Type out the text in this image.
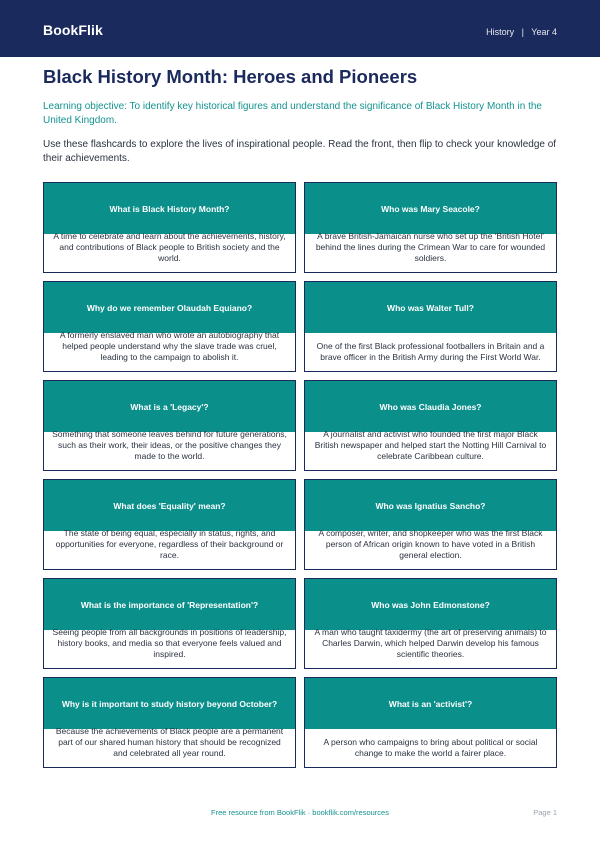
BookFlik	History | Year 4
Black History Month: Heroes and Pioneers

Learning objective: To identify key historical figures and understand the significance of Black History Month in the United Kingdom.

Use these flashcards to explore the lives of inspirational people. Read the front, then flip to check your knowledge of their achievements.

What is Black History Month?
A time to celebrate and learn about the achievements, history, and contributions of Black people to British society and the world.
Who was Mary Seacole?
A brave British-Jamaican nurse who set up the 'British Hotel' behind the lines during the Crimean War to care for wounded soldiers.
Why do we remember Olaudah Equiano?
A formerly enslaved man who wrote an autobiography that helped people understand why the slave trade was cruel, leading to the campaign to abolish it.
Who was Walter Tull?
One of the first Black professional footballers in Britain and a brave officer in the British Army during the First World War.
What is a 'Legacy'?
Something that someone leaves behind for future generations, such as their work, their ideas, or the positive changes they made to the world.
Who was Claudia Jones?
A journalist and activist who founded the first major Black British newspaper and helped start the Notting Hill Carnival to celebrate Caribbean culture.
What does 'Equality' mean?
The state of being equal, especially in status, rights, and opportunities for everyone, regardless of their background or race.
Who was Ignatius Sancho?
A composer, writer, and shopkeeper who was the first Black person of African origin known to have voted in a British general election.
What is the importance of 'Representation'?
Seeing people from all backgrounds in positions of leadership, history books, and media so that everyone feels valued and inspired.
Who was John Edmonstone?
A man who taught taxidermy (the art of preserving animals) to Charles Darwin, which helped Darwin develop his famous scientific theories.
Why is it important to study history beyond October?
Because the achievements of Black people are a permanent part of our shared human history that should be recognized and celebrated all year round.
What is an 'activist'?
A person who campaigns to bring about political or social change to make the world a fairer place.
Free resource from BookFlik · bookflik.com/resources	Page 1
